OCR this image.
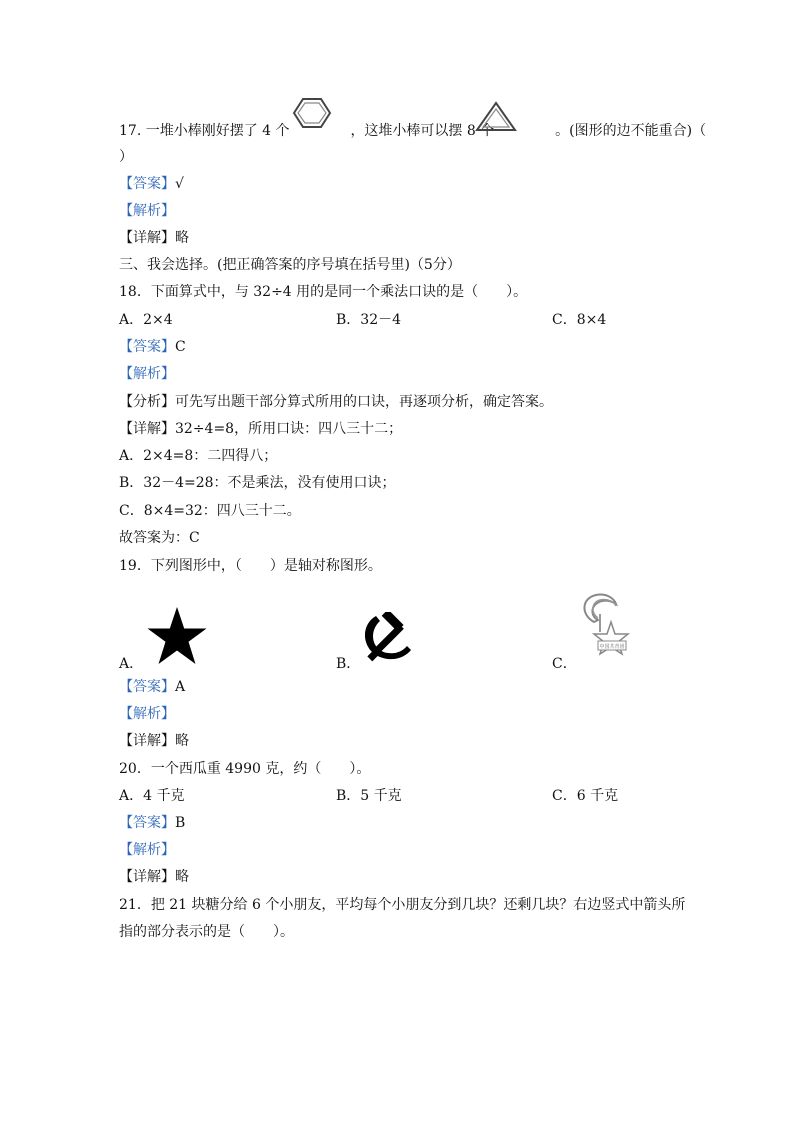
17. 一堆小棒刚好摆了 4 个	，这堆小棒可以摆 8 个	。(图形的边不能重合)（
）
【答案】√
【解析】
【详解】略
三、我会选择。(把正确答案的序号填在括号里)（5分）
18．下面算式中，与 32÷4 用的是同一个乘法口诀的是（　　）。
A．2×4	B．32－4	C．8×4
【答案】C
【解析】
【分析】可先写出题干部分算式所用的口诀，再逐项分析，确定答案。
【详解】32÷4=8，所用口诀：四八三十二；
A．2×4=8：二四得八；
B．32－4=28：不是乘法，没有使用口诀；
C．8×4=32：四八三十二。
故答案为：C
19．下列图形中，（　　）是轴对称图形。
A．	B．
中国共青团
C．
【答案】A
【解析】
【详解】略
20．一个西瓜重 4990 克，约（　　）。
A．4 千克	B．5 千克	C．6 千克
【答案】B
【解析】
【详解】略
21．把 21 块糖分给 6 个小朋友，平均每个小朋友分到几块？还剩几块？右边竖式中箭头所
指的部分表示的是（　　）。
